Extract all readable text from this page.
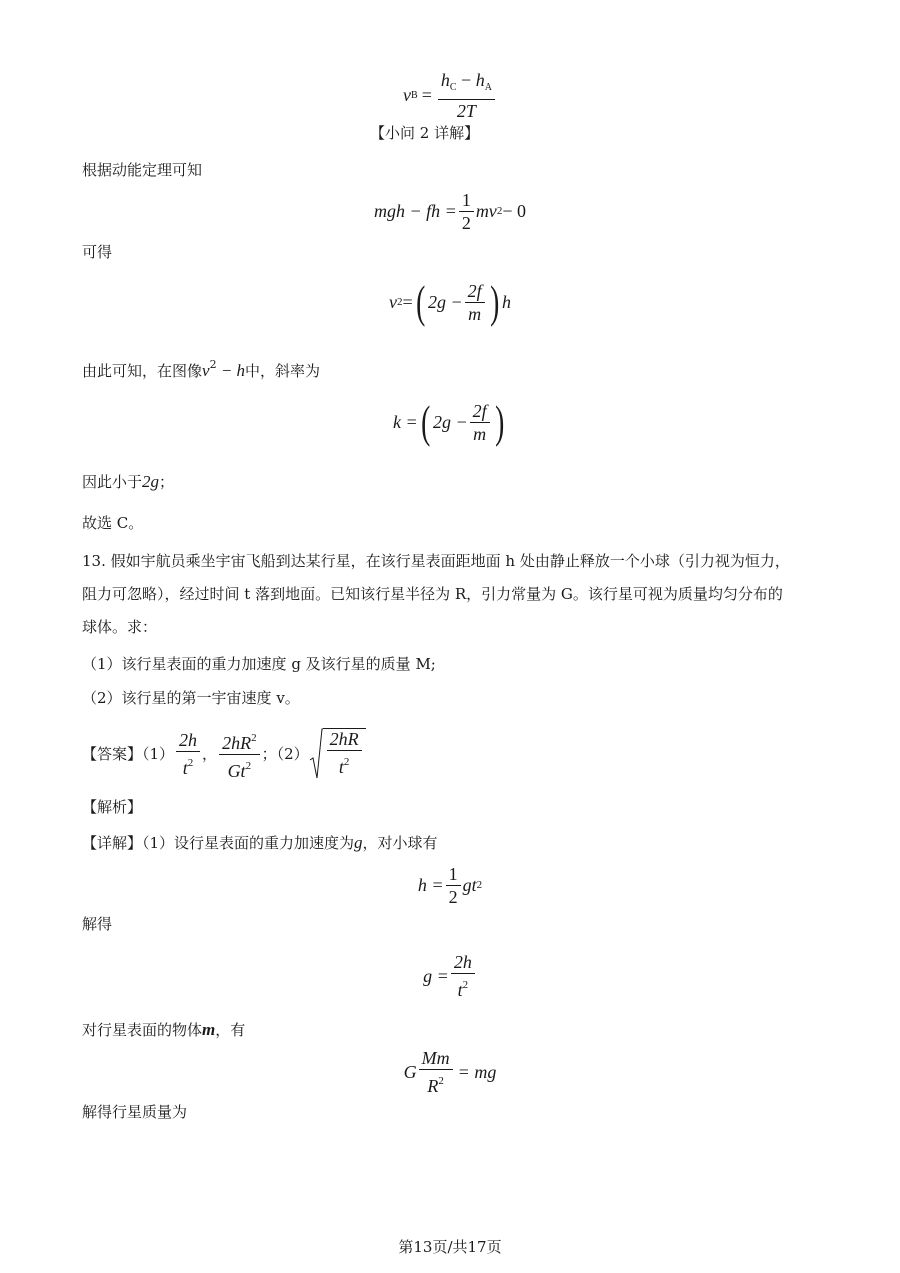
v $B = \frac{h_C - h_A}{2T}$
【小问 2 详解】
根据动能定理可知
mgh − fh = $\frac{1}{2}$ mv 2 − 0
可得
v 2 = ( $2g - \frac{2f}{m}$ ) h
由此可知，在图像$v^2 - h$中，斜率为
k = ( $2g - \frac{2f}{m}$ )
因此小于2g；
故选 C。
13. 假如宇航员乘坐宇宙飞船到达某行星，在该行星表面距地面 h 处由静止释放一个小球（引力视为恒力，
阻力可忽略），经过时间 t 落到地面。已知该行星半径为 R，引力常量为 G。该行星可视为质量均匀分布的
球体。求：
（1）该行星表面的重力加速度 g 及该行星的质量 M;
（2）该行星的第一宇宙速度 v。
【答案】$(1) \frac{2h}{t^2}$ ， $\frac{2hR^2}{Gt^2}$ ；$(2) \frac{2hR}{t^2}$
【解析】
【详解】（1）设行星表面的重力加速度为g，对小球有
$h = \frac{1}{2}$ gt 2
解得
$g = \frac{2h}{t^2}$
对行星表面的物体m，有
G $\frac{Mm}{R^2}$ = mg
解得行星质量为
第13页/共17页
